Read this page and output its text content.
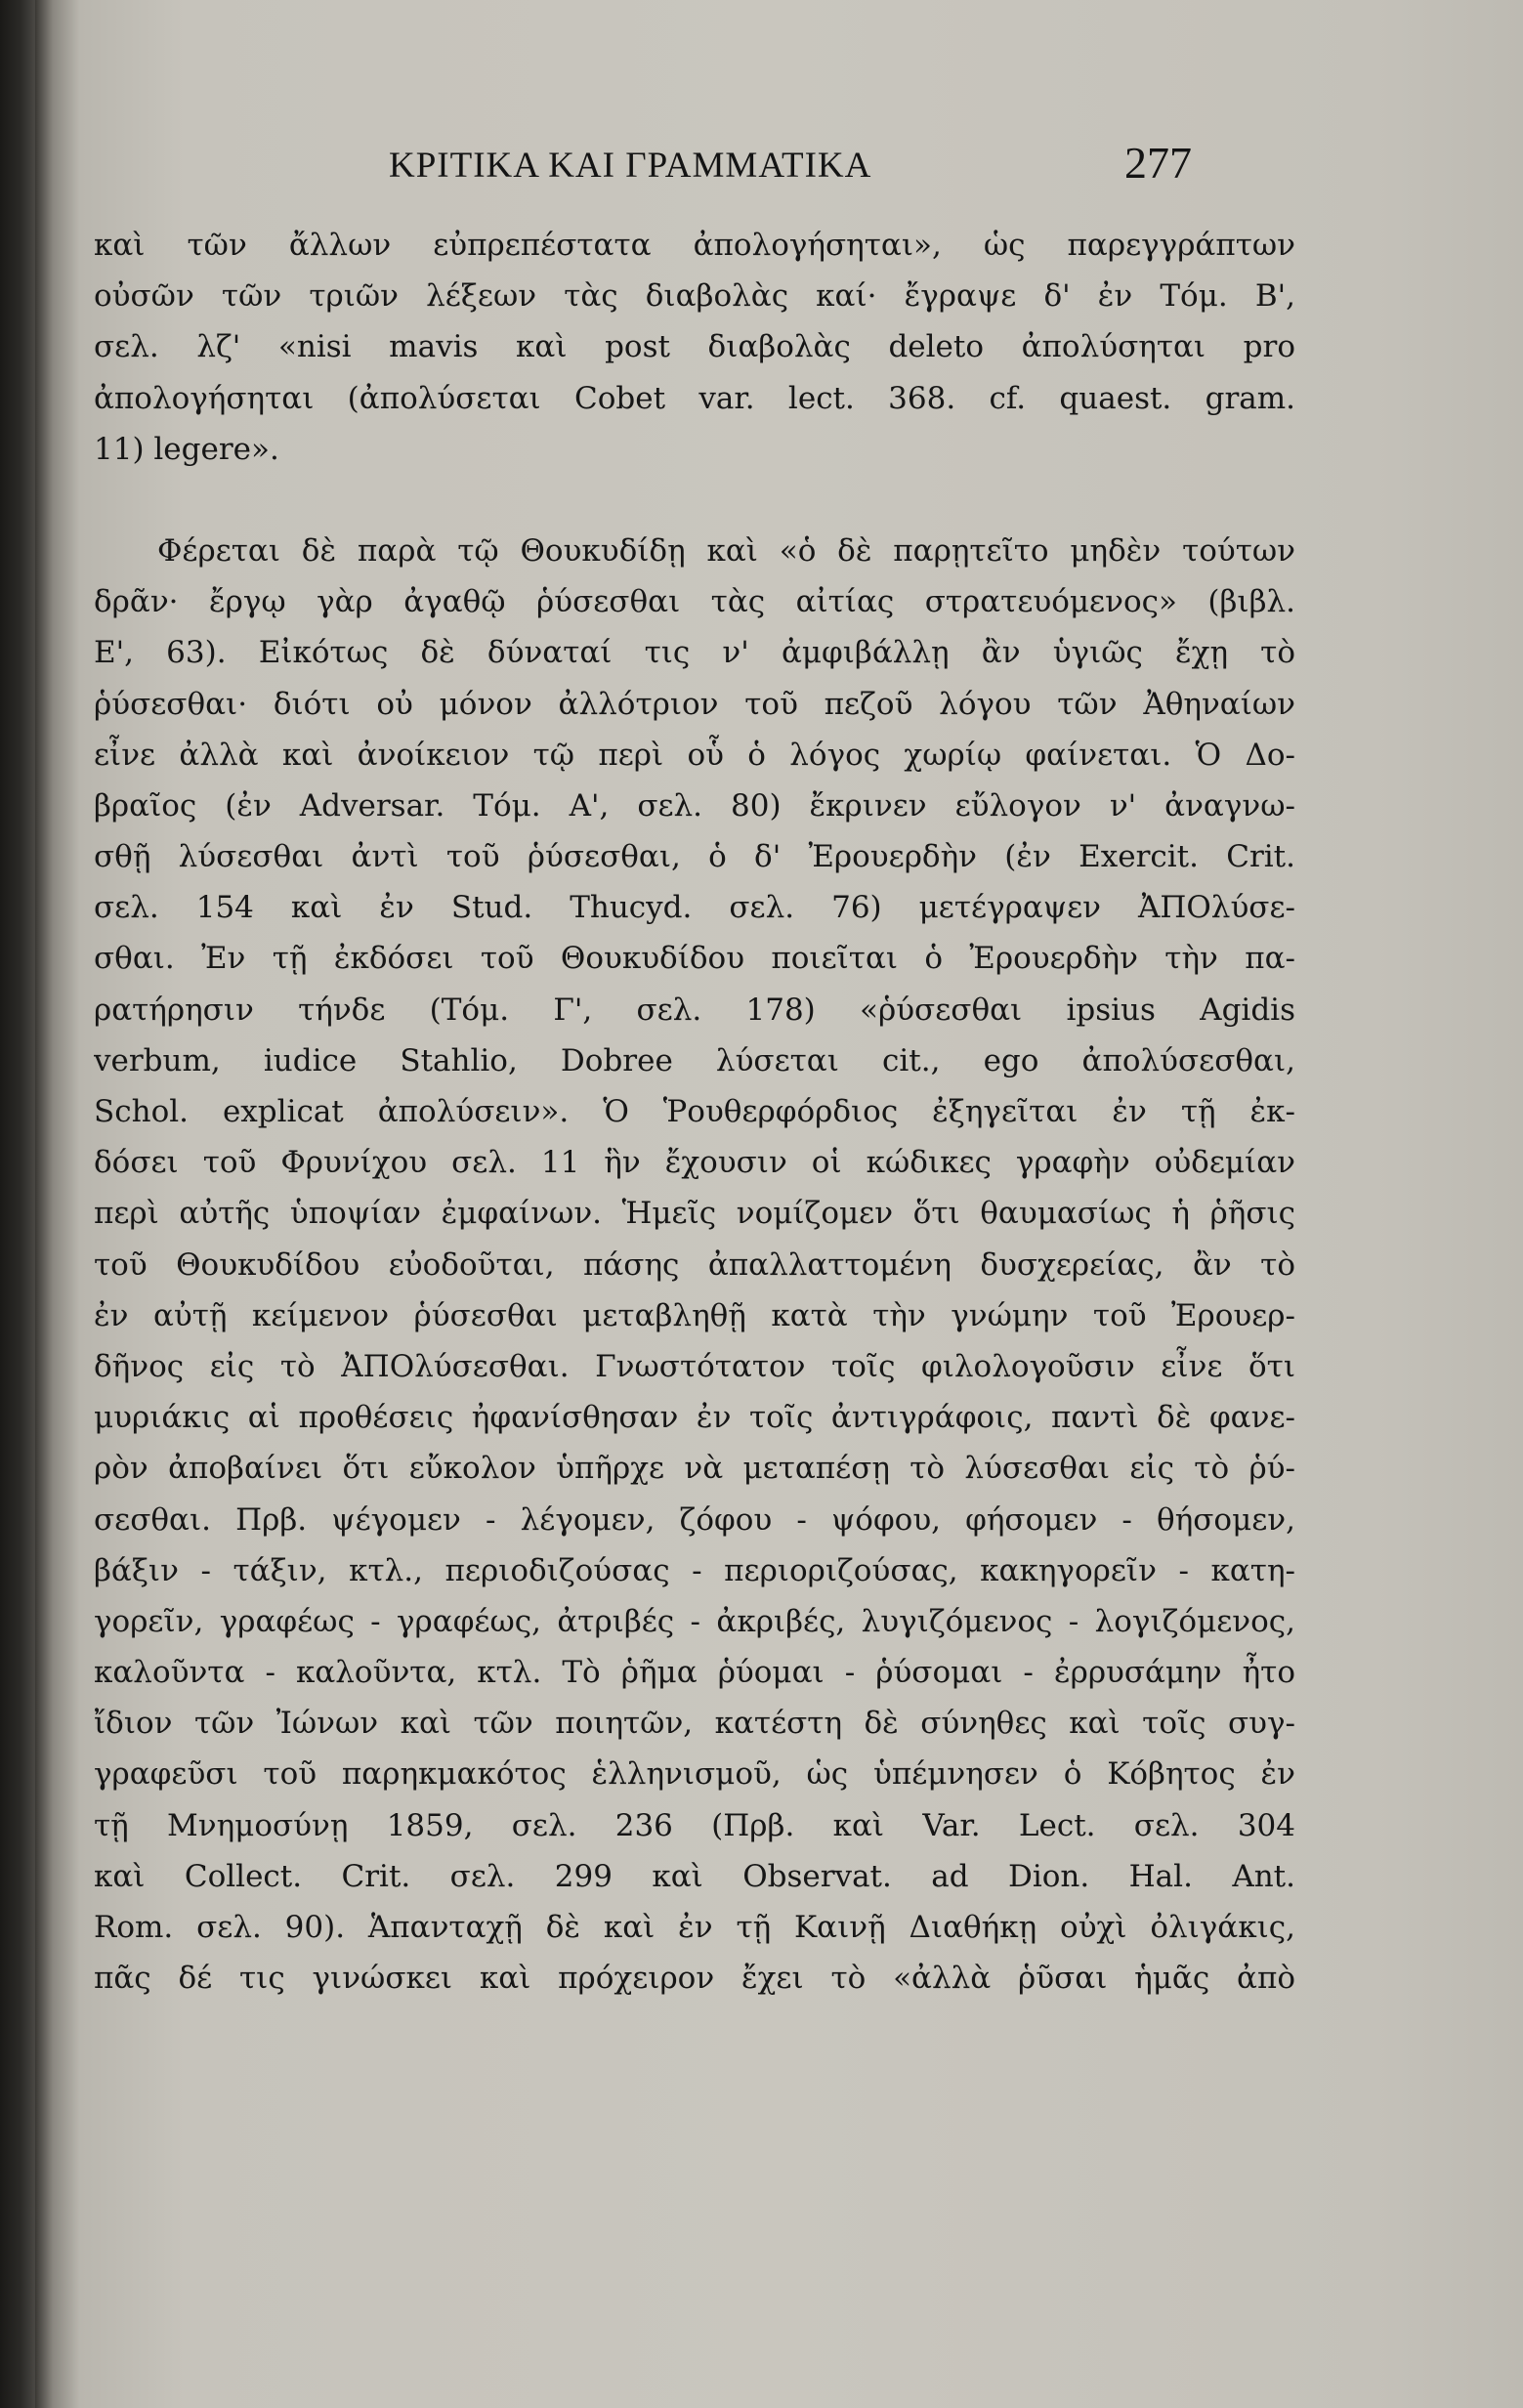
ΚΡΙΤΙΚΑ ΚΑΙ ΓΡΑΜΜΑΤΙΚΑ	277
καὶ τῶν ἄλλων εὐπρεπέστατα ἀπολογήσηται», ὡς παρεγγράπτων
οὐσῶν τῶν τριῶν λέξεων τὰς διαβολὰς καί· ἔγραψε δ' ἐν Τόμ. Β',
σελ. λζ' «nisi mavis καὶ post διαβολὰς deleto ἀπολύσηται pro
ἀπολογήσηται (ἀπολύσεται Cobet var. lect. 368. cf. quaest. gram.
11) legere».
Φέρεται δὲ παρὰ τῷ Θουκυδίδῃ καὶ «ὁ δὲ παρῃτεῖτο μηδὲν τούτων
δρᾶν· ἔργῳ γὰρ ἀγαθῷ ῥύσεσθαι τὰς αἰτίας στρατευόμενος» (βιβλ.
Ε', 63). Εἰκότως δὲ δύναταί τις ν' ἀμφιβάλλῃ ἂν ὑγιῶς ἔχῃ τὸ
ῥύσεσθαι· διότι οὐ μόνον ἀλλότριον τοῦ πεζοῦ λόγου τῶν Ἀθηναίων
εἶνε ἀλλὰ καὶ ἀνοίκειον τῷ περὶ οὗ ὁ λόγος χωρίῳ φαίνεται. Ὁ Δο-
βραῖος (ἐν Adversar. Τόμ. Α', σελ. 80) ἔκρινεν εὔλογον ν' ἀναγνω-
σθῇ λύσεσθαι ἀντὶ τοῦ ῥύσεσθαι, ὁ δ' Ἐρουερδὴν (ἐν Exercit. Crit.
σελ. 154 καὶ ἐν Stud. Thucyd. σελ. 76) μετέγραψεν ἈΠΟλύσε-
σθαι. Ἐν τῇ ἐκδόσει τοῦ Θουκυδίδου ποιεῖται ὁ Ἐρουερδὴν τὴν πα-
ρατήρησιν τήνδε (Τόμ. Γ', σελ. 178) «ῥύσεσθαι ipsius Agidis
verbum, iudice Stahlio, Dobree λύσεται cit., ego ἀπολύσεσθαι,
Schol. explicat ἀπολύσειν». Ὁ Ῥουθερφόρδιος ἐξηγεῖται ἐν τῇ ἐκ-
δόσει τοῦ Φρυνίχου σελ. 11 ἣν ἔχουσιν οἱ κώδικες γραφὴν οὐδεμίαν
περὶ αὐτῆς ὑποψίαν ἐμφαίνων. Ἡμεῖς νομίζομεν ὅτι θαυμασίως ἡ ῥῆσις
τοῦ Θουκυδίδου εὐοδοῦται, πάσης ἀπαλλαττομένη δυσχερείας, ἂν τὸ
ἐν αὐτῇ κείμενον ῥύσεσθαι μεταβληθῇ κατὰ τὴν γνώμην τοῦ Ἐρουερ-
δῆνος εἰς τὸ ἈΠΟλύσεσθαι. Γνωστότατον τοῖς φιλολογοῦσιν εἶνε ὅτι
μυριάκις αἱ προθέσεις ἠφανίσθησαν ἐν τοῖς ἀντιγράφοις, παντὶ δὲ φανε-
ρὸν ἀποβαίνει ὅτι εὔκολον ὑπῆρχε νὰ μεταπέσῃ τὸ λύσεσθαι εἰς τὸ ῥύ-
σεσθαι. Πρβ. ψέγομεν - λέγομεν, ζόφου - ψόφου, φήσομεν - θήσομεν,
βάξιν - τάξιν, κτλ., περιοδιζούσας - περιοριζούσας, κακηγορεῖν - κατη-
γορεῖν, γραφέως - γραφέως, ἀτριβές - ἀκριβές, λυγιζόμενος - λογιζόμενος,
καλοῦντα - καλοῦντα, κτλ. Τὸ ῥῆμα ῥύομαι - ῥύσομαι - ἐρρυσάμην ἦτο
ἴδιον τῶν Ἰώνων καὶ τῶν ποιητῶν, κατέστη δὲ σύνηθες καὶ τοῖς συγ-
γραφεῦσι τοῦ παρηκμακότος ἑλληνισμοῦ, ὡς ὑπέμνησεν ὁ Κόβητος ἐν
τῇ Μνημοσύνῃ 1859, σελ. 236 (Πρβ. καὶ Var. Lect. σελ. 304
καὶ Collect. Crit. σελ. 299 καὶ Observat. ad Dion. Hal. Ant.
Rom. σελ. 90). Ἁπανταχῇ δὲ καὶ ἐν τῇ Καινῇ Διαθήκῃ οὐχὶ ὀλιγάκις,
πᾶς δέ τις γινώσκει καὶ πρόχειρον ἔχει τὸ «ἀλλὰ ῥῦσαι ἡμᾶς ἀπὸ
